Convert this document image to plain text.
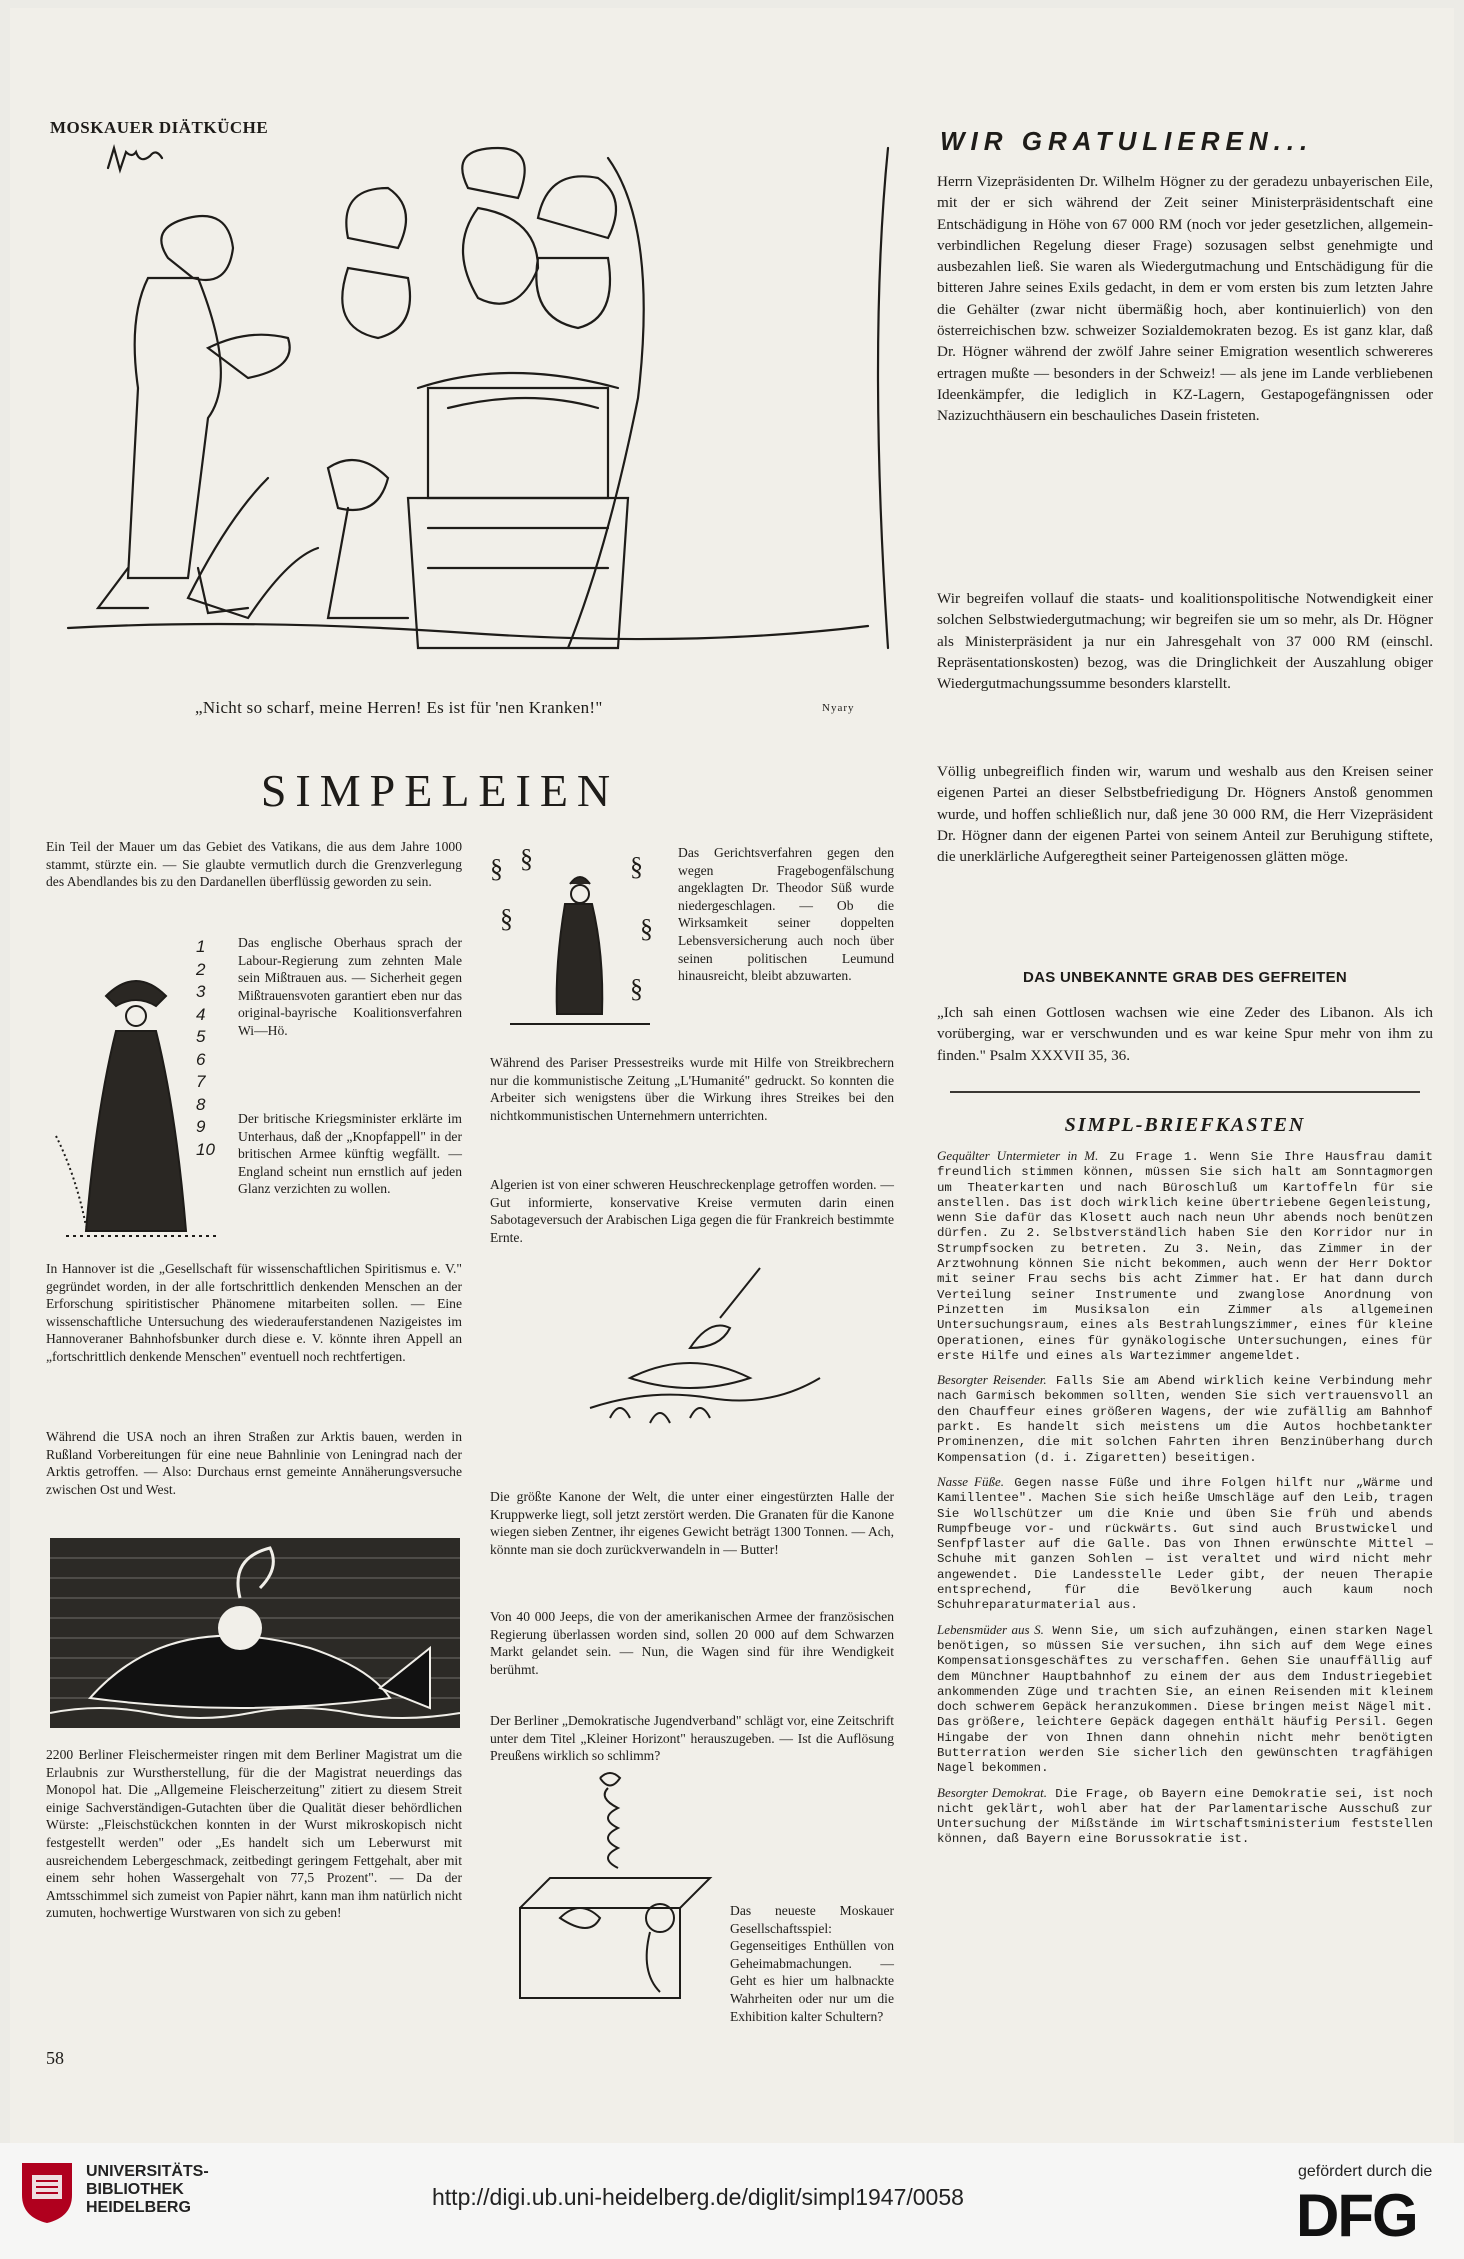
MOSKAUER DIÄTKÜCHE
„Nicht so scharf, meine Herren! Es ist für 'nen Kranken!"	Nyary
SIMPELEIEN

Ein Teil der Mauer um das Gebiet des Vatikans, die aus dem Jahre 1000 stammt, stürzte ein. — Sie glaubte vermutlich durch die Grenzverlegung des Abendlandes bis zu den Dardanellen überflüssig geworden zu sein.

1
2
3
4
5
6
7
8
9
10

Das englische Oberhaus sprach der Labour-Regierung zum zehnten Male sein Mißtrauen aus. — Sicherheit gegen Mißtrauensvoten garantiert eben nur das original-bayrische Koalitionsverfahren Wi—Hö.

Der britische Kriegsminister erklärte im Unterhaus, daß der „Knopfappell" in der britischen Armee künftig wegfällt. — England scheint nun ernstlich auf jeden Glanz verzichten zu wollen.

In Hannover ist die „Gesellschaft für wissenschaftlichen Spiritismus e. V." gegründet worden, in der alle fortschrittlich denkenden Menschen an der Erforschung spiritistischer Phänomene mitarbeiten sollen. — Eine wissenschaftliche Untersuchung des wiederauferstandenen Nazigeistes im Hannoveraner Bahnhofsbunker durch diese e. V. könnte ihren Appell an „fortschrittlich denkende Menschen" eventuell noch rechtfertigen.

Während die USA noch an ihren Straßen zur Arktis bauen, werden in Rußland Vorbereitungen für eine neue Bahnlinie von Leningrad nach der Arktis getroffen. — Also: Durchaus ernst gemeinte Annäherungsversuche zwischen Ost und West.

2200 Berliner Fleischermeister ringen mit dem Berliner Magistrat um die Erlaubnis zur Wurstherstellung, für die der Magistrat neuerdings das Monopol hat. Die „Allgemeine Fleischerzeitung" zitiert zu diesem Streit einige Sachverständigen-Gutachten über die Qualität dieser behördlichen Würste: „Fleischstückchen konnten in der Wurst mikroskopisch nicht festgestellt werden" oder „Es handelt sich um Leberwurst mit ausreichendem Lebergeschmack, zeitbedingt geringem Fettgehalt, aber mit einem sehr hohen Wassergehalt von 77,5 Prozent". — Da der Amtsschimmel sich zumeist von Papier nährt, kann man ihm natürlich nicht zumuten, hochwertige Wurstwaren von sich zu geben!

§ §	§
§	§
§

Das Gerichtsverfahren gegen den wegen Fragebogenfälschung angeklagten Dr. Theodor Süß wurde niedergeschlagen. — Ob die Wirksamkeit seiner doppelten Lebensversicherung auch noch über seinen politischen Leumund hinausreicht, bleibt abzuwarten.

Während des Pariser Pressestreiks wurde mit Hilfe von Streikbrechern nur die kommunistische Zeitung „L'Humanité" gedruckt. So konnten die Arbeiter sich wenigstens über die Wirkung ihres Streikes bei den nichtkommunistischen Unternehmern unterrichten.

Algerien ist von einer schweren Heuschreckenplage getroffen worden. — Gut informierte, konservative Kreise vermuten darin einen Sabotageversuch der Arabischen Liga gegen die für Frankreich bestimmte Ernte.

Die größte Kanone der Welt, die unter einer eingestürzten Halle der Kruppwerke liegt, soll jetzt zerstört werden. Die Granaten für die Kanone wiegen sieben Zentner, ihr eigenes Gewicht beträgt 1300 Tonnen. — Ach, könnte man sie doch zurückverwandeln in — Butter!

Von 40 000 Jeeps, die von der amerikanischen Armee der französischen Regierung überlassen worden sind, sollen 20 000 auf dem Schwarzen Markt gelandet sein. — Nun, die Wagen sind für ihre Wendigkeit berühmt.

Der Berliner „Demokratische Jugendverband" schlägt vor, eine Zeitschrift unter dem Titel „Kleiner Horizont" herauszugeben. — Ist die Auflösung Preußens wirklich so schlimm?

Das neueste Moskauer Gesellschaftsspiel: Gegenseitiges Enthüllen von Geheimabmachungen. — Geht es hier um halbnackte Wahrheiten oder nur um die Exhibition kalter Schultern?

WIR GRATULIEREN...

Herrn Vizepräsidenten Dr. Wilhelm Högner zu der geradezu unbayerischen Eile, mit der er sich während der Zeit seiner Ministerpräsidentschaft eine Entschädigung in Höhe von 67 000 RM (noch vor jeder gesetzlichen, allgemein-verbindlichen Regelung dieser Frage) sozusagen selbst genehmigte und ausbezahlen ließ. Sie waren als Wiedergutmachung und Entschädigung für die bitteren Jahre seines Exils gedacht, in dem er vom ersten bis zum letzten Jahre die Gehälter (zwar nicht übermäßig hoch, aber kontinuierlich) von den österreichischen bzw. schweizer Sozialdemokraten bezog. Es ist ganz klar, daß Dr. Högner während der zwölf Jahre seiner Emigration wesentlich schwereres ertragen mußte — besonders in der Schweiz! — als jene im Lande verbliebenen Ideenkämpfer, die lediglich in KZ-Lagern, Gestapogefängnissen oder Nazizuchthäusern ein beschauliches Dasein fristeten.

Wir begreifen vollauf die staats- und koalitionspolitische Notwendigkeit einer solchen Selbstwiedergutmachung; wir begreifen sie um so mehr, als Dr. Högner als Ministerpräsident ja nur ein Jahresgehalt von 37 000 RM (einschl. Repräsentationskosten) bezog, was die Dringlichkeit der Auszahlung obiger Wiedergutmachungssumme besonders klarstellt.

Völlig unbegreiflich finden wir, warum und weshalb aus den Kreisen seiner eigenen Partei an dieser Selbstbefriedigung Dr. Högners Anstoß genommen wurde, und hoffen schließlich nur, daß jene 30 000 RM, die Herr Vizepräsident Dr. Högner dann der eigenen Partei von seinem Anteil zur Beruhigung stiftete, die unerklärliche Aufgeregtheit seiner Parteigenossen glätten möge.

DAS UNBEKANNTE GRAB DES GEFREITEN

„Ich sah einen Gottlosen wachsen wie eine Zeder des Libanon. Als ich vorüberging, war er verschwunden und es war keine Spur mehr von ihm zu finden." Psalm XXXVII 35, 36.

SIMPL-BRIEFKASTEN

Gequälter Untermieter in M. Zu Frage 1. Wenn Sie Ihre Hausfrau damit freundlich stimmen können, müssen Sie sich halt am Sonntagmorgen um Theaterkarten und nach Büroschluß um Kartoffeln für sie anstellen. Das ist doch wirklich keine übertriebene Gegenleistung, wenn Sie dafür das Klosett auch nach neun Uhr abends noch benützen dürfen. Zu 2. Selbstverständlich haben Sie den Korridor nur in Strumpfsocken zu betreten. Zu 3. Nein, das Zimmer in der Arztwohnung können Sie nicht bekommen, auch wenn der Herr Doktor mit seiner Frau sechs bis acht Zimmer hat. Er hat dann durch Verteilung seiner Instrumente und zwanglose Anordnung von Pinzetten im Musiksalon ein Zimmer als allgemeinen Untersuchungsraum, eines als Bestrahlungszimmer, eines für kleine Operationen, eines für gynäkologische Untersuchungen, eines für erste Hilfe und eines als Wartezimmer angemeldet.

Besorgter Reisender. Falls Sie am Abend wirklich keine Verbindung mehr nach Garmisch bekommen sollten, wenden Sie sich vertrauensvoll an den Chauffeur eines größeren Wagens, der wie zufällig am Bahnhof parkt. Es handelt sich meistens um die Autos hochbetankter Prominenzen, die mit solchen Fahrten ihren Benzinüberhang durch Kompensation (d. i. Zigaretten) beseitigen.

Nasse Füße. Gegen nasse Füße und ihre Folgen hilft nur „Wärme und Kamillentee". Machen Sie sich heiße Umschläge auf den Leib, tragen Sie Wollschützer um die Knie und üben Sie früh und abends Rumpfbeuge vor- und rückwärts. Gut sind auch Brustwickel und Senfpflaster auf die Galle. Das von Ihnen erwünschte Mittel — Schuhe mit ganzen Sohlen — ist veraltet und wird nicht mehr angewendet. Die Landesstelle Leder gibt, der neuen Therapie entsprechend, für die Bevölkerung auch kaum noch Schuhreparaturmaterial aus.

Lebensmüder aus S. Wenn Sie, um sich aufzuhängen, einen starken Nagel benötigen, so müssen Sie versuchen, ihn sich auf dem Wege eines Kompensationsgeschäftes zu verschaffen. Gehen Sie unauffällig auf dem Münchner Hauptbahnhof zu einem der aus dem Industriegebiet ankommenden Züge und trachten Sie, an einen Reisenden mit kleinem doch schwerem Gepäck heranzukommen. Diese bringen meist Nägel mit. Das größere, leichtere Gepäck dagegen enthält häufig Persil. Gegen Hingabe der von Ihnen dann ohnehin nicht mehr benötigten Butterration werden Sie sicherlich den gewünschten tragfähigen Nagel bekommen.

Besorgter Demokrat. Die Frage, ob Bayern eine Demokratie sei, ist noch nicht geklärt, wohl aber hat der Parlamentarische Ausschuß zur Untersuchung der Mißstände im Wirtschaftsministerium feststellen können, daß Bayern eine Borussokratie ist.

58
UNIVERSITÄTS-
BIBLIOTHEK
HEIDELBERG	http://digi.ub.uni-heidelberg.de/diglit/simpl1947/0058
gefördert durch die
DFG
